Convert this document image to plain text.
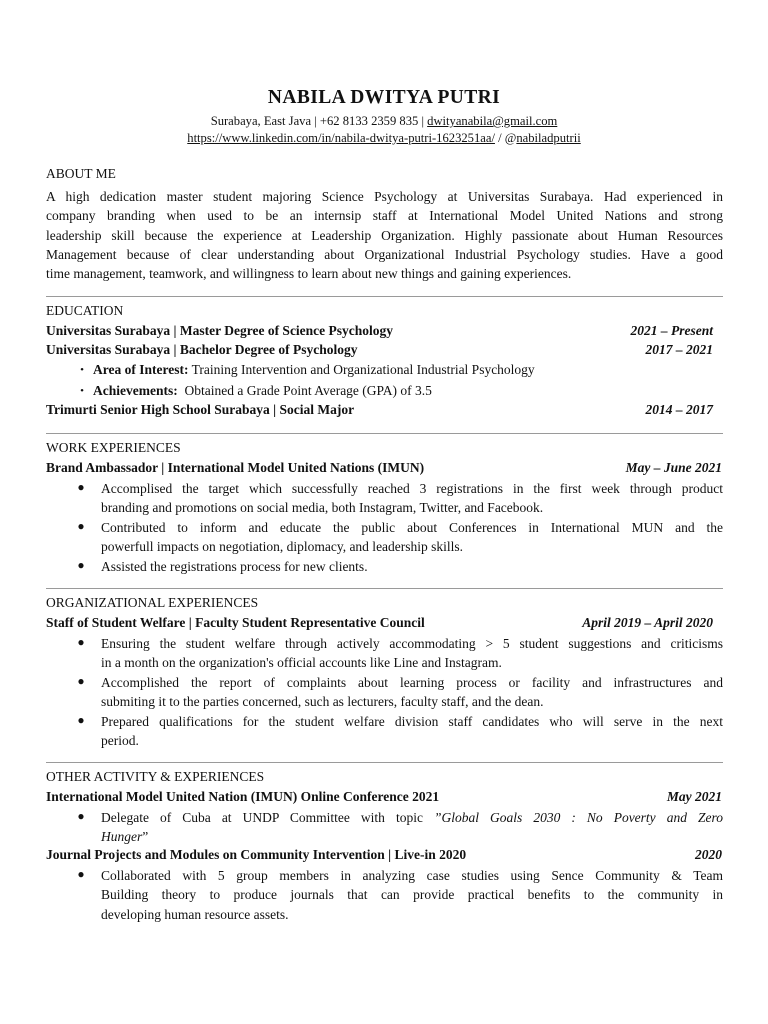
NABILA DWITYA PUTRI
Surabaya, East Java | +62 8133 2359 835 | dwityanabila@gmail.com
https://www.linkedin.com/in/nabila-dwitya-putri-1623251aa/ / @nabiladputrii
ABOUT ME
A high dedication master student majoring Science Psychology at Universitas Surabaya. Had experienced in
company branding when used to be an internsip staff at International Model United Nations and strong
leadership skill because the experience at Leadership Organization. Highly passionate about Human Resources
Management because of clear understanding about Organizational Industrial Psychology studies. Have a good
time management, teamwork, and willingness to learn about new things and gaining experiences.
EDUCATION
Universitas Surabaya | Master Degree of Science Psychology	2021 – Present
Universitas Surabaya | Bachelor Degree of Psychology	2017 – 2021
• Area of Interest: Training Intervention and Organizational Industrial Psychology
• Achievements:  Obtained a Grade Point Average (GPA) of 3.5
Trimurti Senior High School Surabaya | Social Major	2014 – 2017
WORK EXPERIENCES
Brand Ambassador | International Model United Nations (IMUN)	May – June 2021
● Accomplised the target which successfully reached 3 registrations in the first week through product
branding and promotions on social media, both Instagram, Twitter, and Facebook.
● Contributed to inform and educate the public about Conferences in International MUN and the
powerfull impacts on negotiation, diplomacy, and leadership skills.
● Assisted the registrations process for new clients.
ORGANIZATIONAL EXPERIENCES
Staff of Student Welfare | Faculty Student Representative Council	April 2019 – April 2020
● Ensuring the student welfare through actively accommodating > 5 student suggestions and criticisms
in a month on the organization's official accounts like Line and Instagram.
● Accomplished the report of complaints about learning process or facility and infrastructures and
submiting it to the parties concerned, such as lecturers, faculty staff, and the dean.
● Prepared qualifications for the student welfare division staff candidates who will serve in the next
period.
OTHER ACTIVITY & EXPERIENCES
International Model United Nation (IMUN) Online Conference 2021	May 2021
● Delegate of Cuba at UNDP Committee with topic ”Global Goals 2030 : No Poverty and Zero
Hunger”
Journal Projects and Modules on Community Intervention | Live-in 2020	2020
● Collaborated with 5 group members in analyzing case studies using Sence Community & Team
Building theory to produce journals that can provide practical benefits to the community in
developing human resource assets.
